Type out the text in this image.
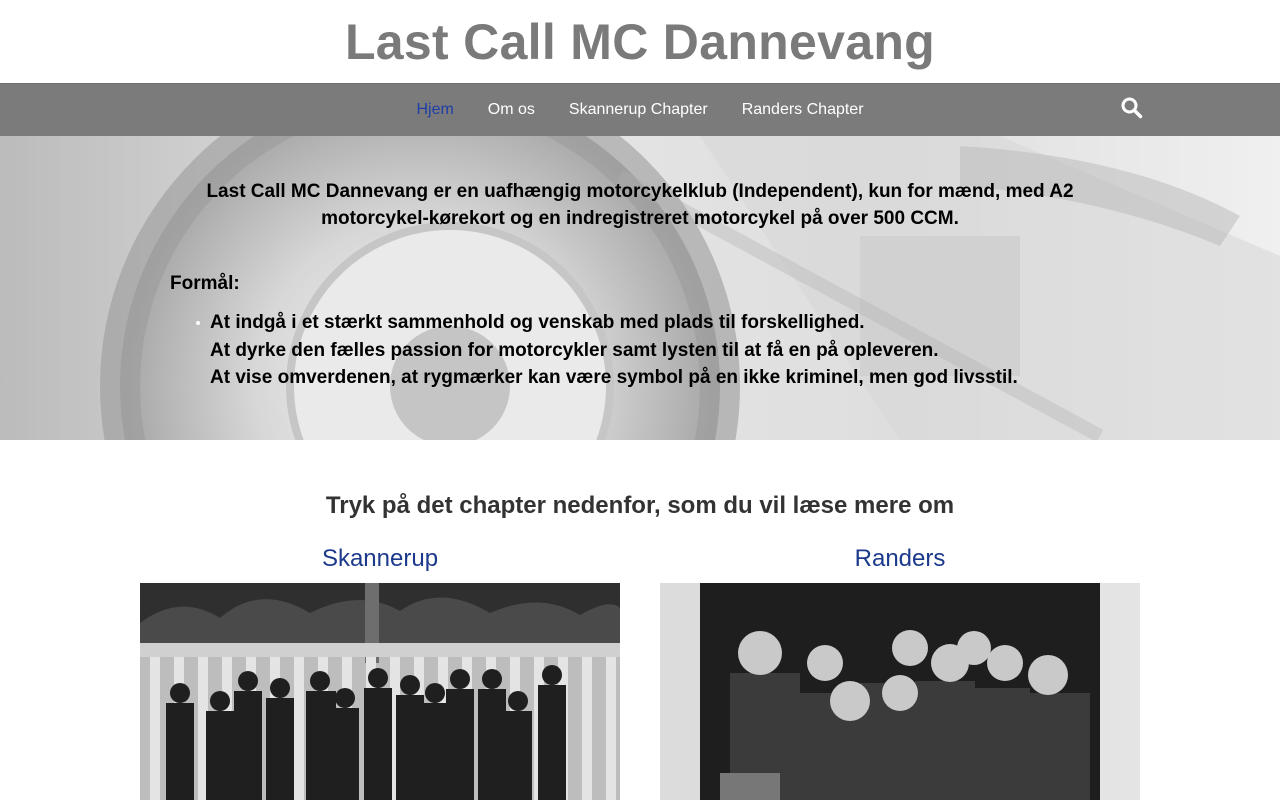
Last Call MC Dannevang
Hjem	Om os	Skannerup Chapter	Randers Chapter

Last Call MC Dannevang er en uafhængig motorcykelklub (Independent), kun for mænd, med A2 motorcykel-kørekort og en indregistreret motorcykel på over 500 CCM.

Formål:

At indgå i et stærkt sammenhold og venskab med plads til forskellighed.
At dyrke den fælles passion for motorcykler samt lysten til at få en på opleveren.
At vise omverdenen, at rygmærker kan være symbol på en ikke kriminel, men god livsstil.
Tryk på det chapter nedenfor, som du vil læse mere om
Skannerup	Randers
